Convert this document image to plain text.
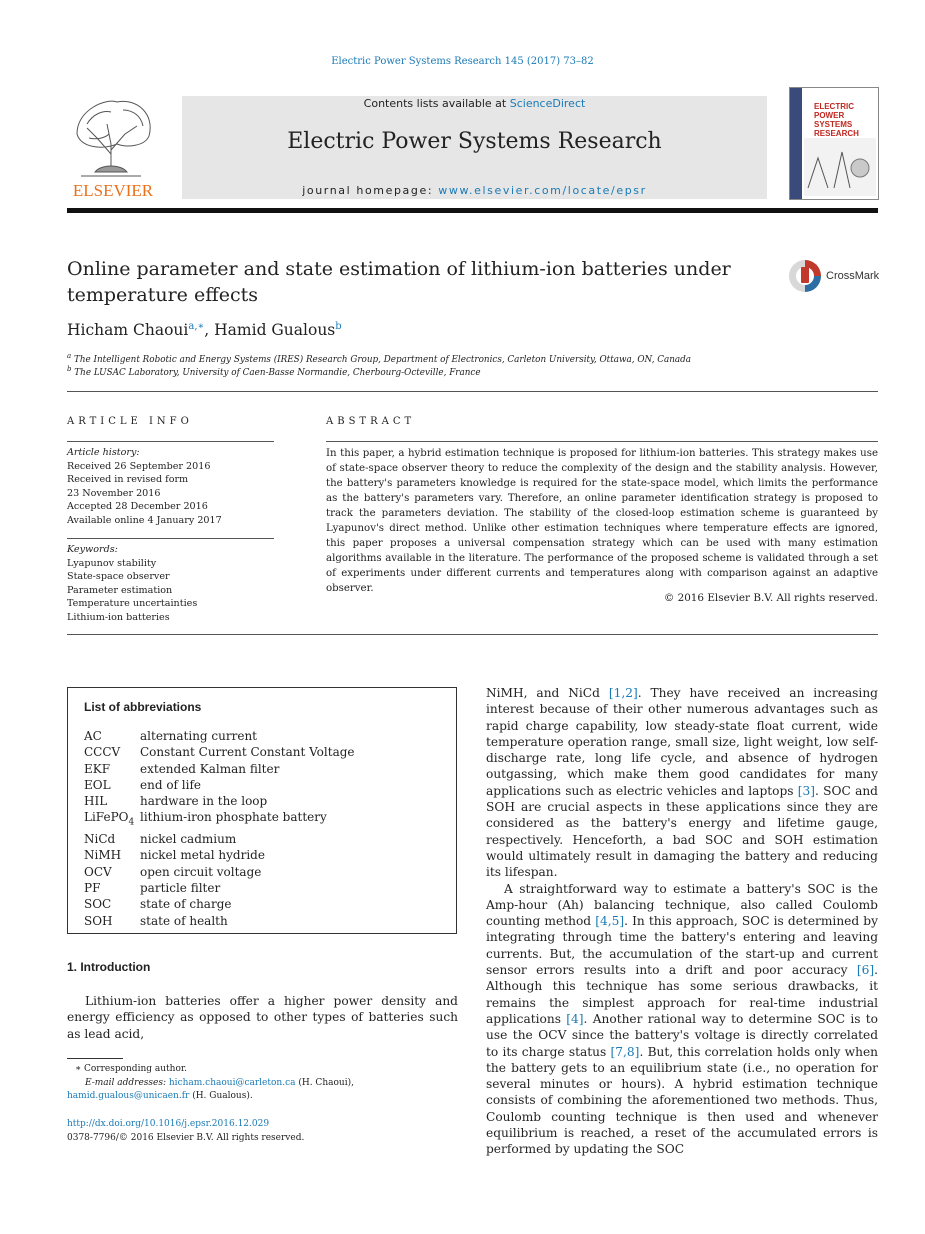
Electric Power Systems Research 145 (2017) 73–82
ELSEVIER
Contents lists available at ScienceDirect
Electric Power Systems Research
journal homepage: www.elsevier.com/locate/epsr
ELECTRIC POWER SYSTEMS RESEARCH
Online parameter and state estimation of lithium-ion batteries under temperature effects
CrossMark
Hicham Chaoui$^{a,∗}$, Hamid Gualous$^b$
$^a$ The Intelligent Robotic and Energy Systems (IRES) Research Group, Department of Electronics, Carleton University, Ottawa, ON, Canada
$^b$ The LUSAC Laboratory, University of Caen-Basse Normandie, Cherbourg-Octeville, France
ARTICLE INFO
Article history:
Received 26 September 2016
Received in revised form
23 November 2016
Accepted 28 December 2016
Available online 4 January 2017
Keywords:
Lyapunov stability
State-space observer
Parameter estimation
Temperature uncertainties
Lithium-ion batteries
ABSTRACT
In this paper, a hybrid estimation technique is proposed for lithium-ion batteries. This strategy makes use of state-space observer theory to reduce the complexity of the design and the stability analysis. However, the battery's parameters knowledge is required for the state-space model, which limits the performance as the battery's parameters vary. Therefore, an online parameter identification strategy is proposed to track the parameters deviation. The stability of the closed-loop estimation scheme is guaranteed by Lyapunov's direct method. Unlike other estimation techniques where temperature effects are ignored, this paper proposes a universal compensation strategy which can be used with many estimation algorithms available in the literature. The performance of the proposed scheme is validated through a set of experiments under different currents and temperatures along with comparison against an adaptive observer.
© 2016 Elsevier B.V. All rights reserved.
List of abbreviations
AC	alternating current
CCCV	Constant Current Constant Voltage
EKF	extended Kalman filter
EOL	end of life
HIL	hardware in the loop
LiFePO$_4$ lithium-iron phosphate battery
NiCd	nickel cadmium
NiMH	nickel metal hydride
OCV	open circuit voltage
PF	particle filter
SOC	state of charge
SOH	state of health
1. Introduction
Lithium-ion batteries offer a higher power density and energy efficiency as opposed to other types of batteries such as lead acid,

NiMH, and NiCd [1,2]. They have received an increasing interest because of their other numerous advantages such as rapid charge capability, low steady-state float current, wide temperature operation range, small size, light weight, low self-discharge rate, long life cycle, and absence of hydrogen outgassing, which make them good candidates for many applications such as electric vehicles and laptops [3]. SOC and SOH are crucial aspects in these applications since they are considered as the battery's energy and lifetime gauge, respectively. Henceforth, a bad SOC and SOH estimation would ultimately result in damaging the battery and reducing its lifespan.

A straightforward way to estimate a battery's SOC is the Amp-hour (Ah) balancing technique, also called Coulomb counting method [4,5]. In this approach, SOC is determined by integrating through time the battery's entering and leaving currents. But, the accumulation of the start-up and current sensor errors results into a drift and poor accuracy [6]. Although this technique has some serious drawbacks, it remains the simplest approach for real-time industrial applications [4]. Another rational way to determine SOC is to use the OCV since the battery's voltage is directly correlated to its charge status [7,8]. But, this correlation holds only when the battery gets to an equilibrium state (i.e., no operation for several minutes or hours). A hybrid estimation technique consists of combining the aforementioned two methods. Thus, Coulomb counting technique is then used and whenever equilibrium is reached, a reset of the accumulated errors is performed by updating the SOC

∗ Corresponding author.
E-mail addresses: hicham.chaoui@carleton.ca (H. Chaoui),
hamid.gualous@unicaen.fr (H. Gualous).
http://dx.doi.org/10.1016/j.epsr.2016.12.029
0378-7796/© 2016 Elsevier B.V. All rights reserved.
